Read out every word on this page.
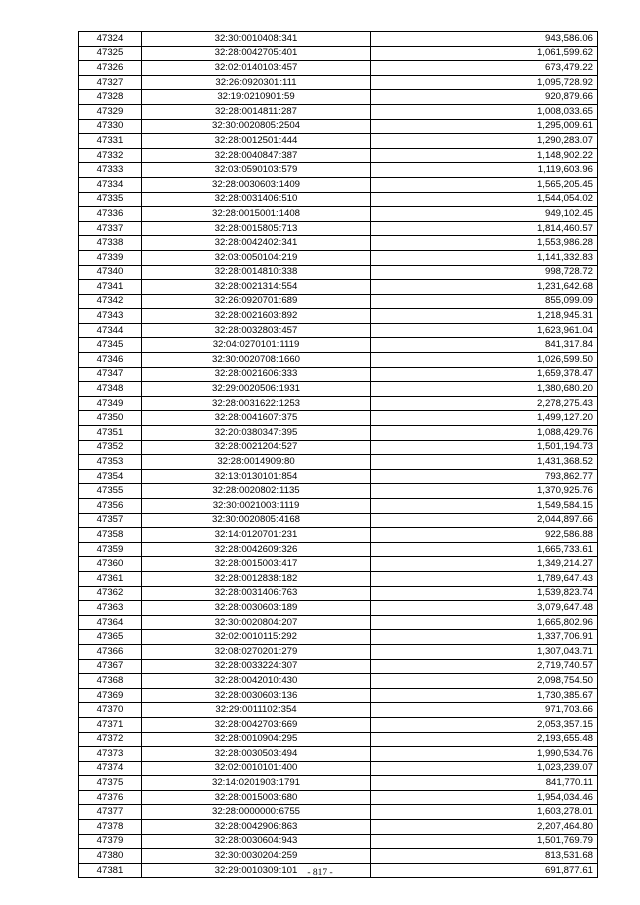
47324	32:30:0010408:341	943,586.06
47325	32:28:0042705:401	1,061,599.62
47326	32:02:0140103:457	673,479.22
47327	32:26:0920301:111	1,095,728.92
47328	32:19:0210901:59	920,879.66
47329	32:28:0014811:287	1,008,033.65
47330	32:30:0020805:2504	1,295,009.61
47331	32:28:0012501:444	1,290,283.07
47332	32:28:0040847:387	1,148,902.22
47333	32:03:0590103:579	1,119,603.96
47334	32:28:0030603:1409	1,565,205.45
47335	32:28:0031406:510	1,544,054.02
47336	32:28:0015001:1408	949,102.45
47337	32:28:0015805:713	1,814,460.57
47338	32:28:0042402:341	1,553,986.28
47339	32:03:0050104:219	1,141,332.83
47340	32:28:0014810:338	998,728.72
47341	32:28:0021314:554	1,231,642.68
47342	32:26:0920701:689	855,099.09
47343	32:28:0021603:892	1,218,945.31
47344	32:28:0032803:457	1,623,961.04
47345	32:04:0270101:1119	841,317.84
47346	32:30:0020708:1660	1,026,599.50
47347	32:28:0021606:333	1,659,378.47
47348	32:29:0020506:1931	1,380,680.20
47349	32:28:0031622:1253	2,278,275.43
47350	32:28:0041607:375	1,499,127.20
47351	32:20:0380347:395	1,088,429.76
47352	32:28:0021204:527	1,501,194.73
47353	32:28:0014909:80	1,431,368.52
47354	32:13:0130101:854	793,862.77
47355	32:28:0020802:1135	1,370,925.76
47356	32:30:0021003:1119	1,549,584.15
47357	32:30:0020805:4168	2,044,897.66
47358	32:14:0120701:231	922,586.88
47359	32:28:0042609:326	1,665,733.61
47360	32:28:0015003:417	1,349,214.27
47361	32:28:0012838:182	1,789,647.43
47362	32:28:0031406:763	1,539,823.74
47363	32:28:0030603:189	3,079,647.48
47364	32:30:0020804:207	1,665,802.96
47365	32:02:0010115:292	1,337,706.91
47366	32:08:0270201:279	1,307,043.71
47367	32:28:0033224:307	2,719,740.57
47368	32:28:0042010:430	2,098,754.50
47369	32:28:0030603:136	1,730,385.67
47370	32:29:0011102:354	971,703.66
47371	32:28:0042703:669	2,053,357.15
47372	32:28:0010904:295	2,193,655.48
47373	32:28:0030503:494	1,990,534.76
47374	32:02:0010101:400	1,023,239.07
47375	32:14:0201903:1791	841,770.11
47376	32:28:0015003:680	1,954,034.46
47377	32:28:0000000:6755	1,603,278.01
47378	32:28:0042906:863	2,207,464.80
47379	32:28:0030604:943	1,501,769.79
47380	32:30:0030204:259	813,531.68
47381	32:29:0010309:101	691,877.61
- 817 -
